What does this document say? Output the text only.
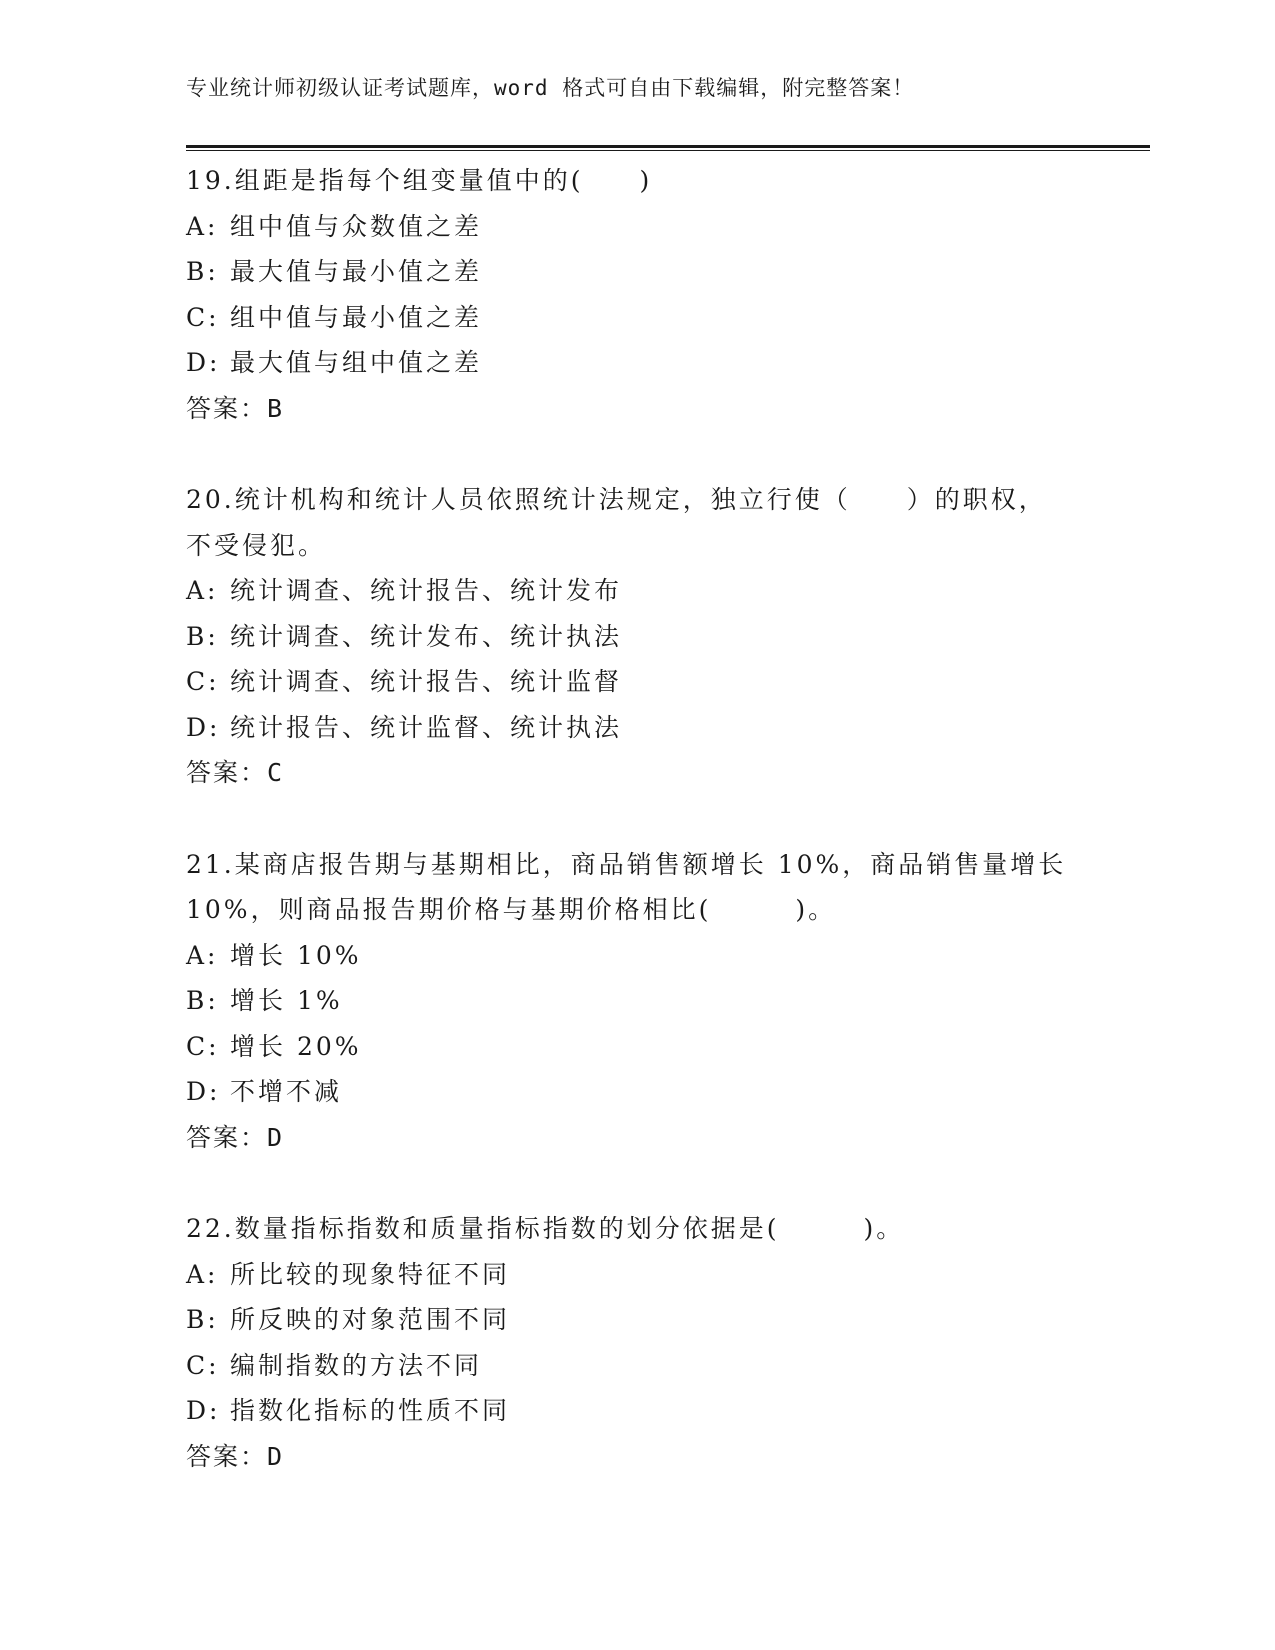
专业统计师初级认证考试题库，word 格式可自由下载编辑，附完整答案！
19.组距是指每个组变量值中的(　　)
A: 组中值与众数值之差
B: 最大值与最小值之差
C: 组中值与最小值之差
D: 最大值与组中值之差
答案：B
20.统计机构和统计人员依照统计法规定，独立行使（　　）的职权，
不受侵犯。
A: 统计调查、统计报告、统计发布
B: 统计调查、统计发布、统计执法
C: 统计调查、统计报告、统计监督
D: 统计报告、统计监督、统计执法
答案：C
21.某商店报告期与基期相比，商品销售额增长 10%，商品销售量增长
10%，则商品报告期价格与基期价格相比(　　　)。
A: 增长 10%
B: 增长 1%
C: 增长 20%
D: 不增不减
答案：D
22.数量指标指数和质量指标指数的划分依据是(　　　)。
A: 所比较的现象特征不同
B: 所反映的对象范围不同
C: 编制指数的方法不同
D: 指数化指标的性质不同
答案：D
